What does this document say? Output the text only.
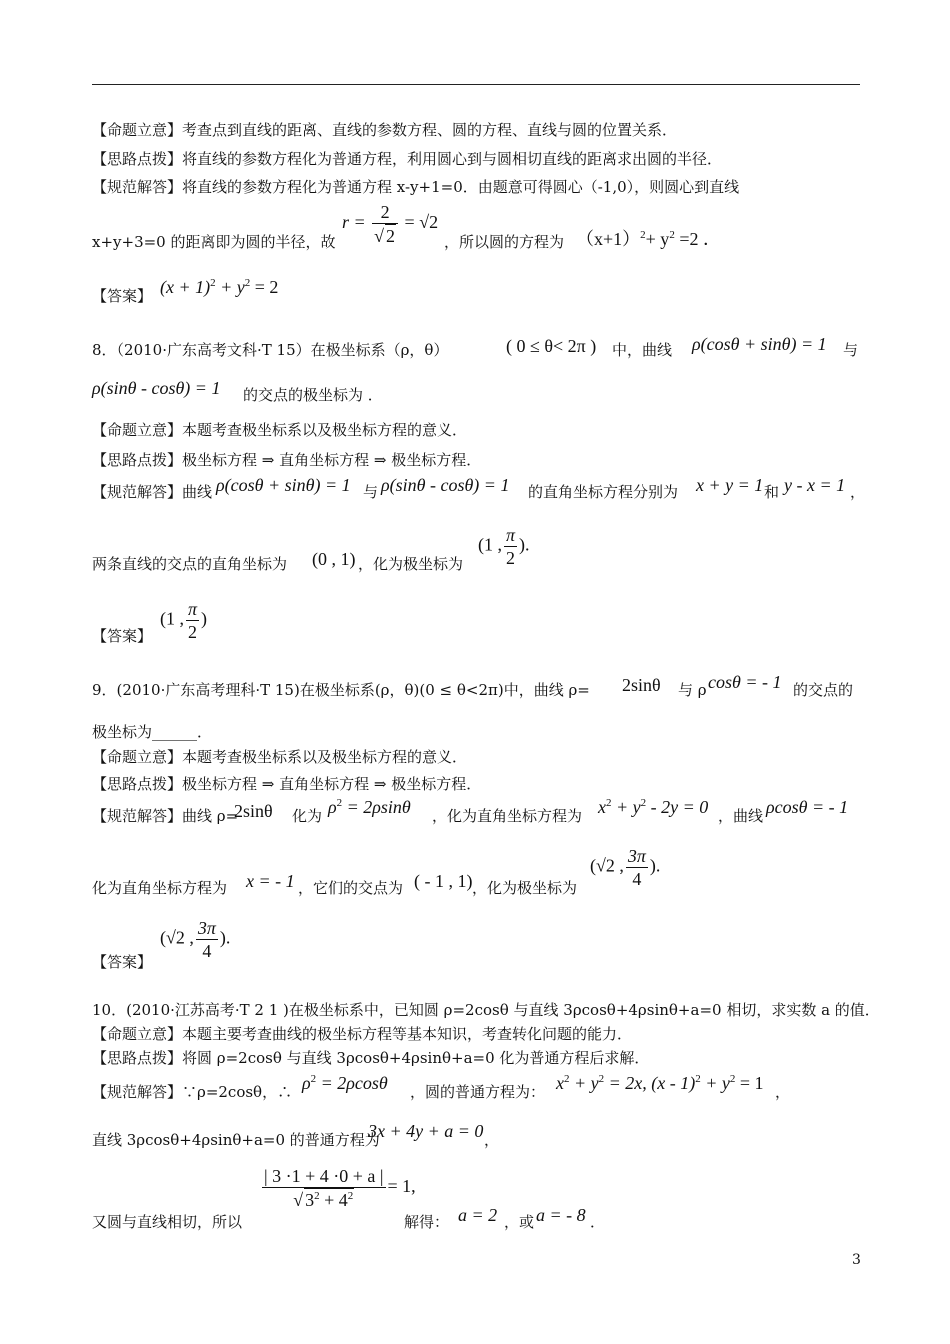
【命题立意】考查点到直线的距离、直线的参数方程、圆的方程、直线与圆的位置关系．
【思路点拨】将直线的参数方程化为普通方程，利用圆心到与圆相切直线的距离求出圆的半径．
【规范解答】将直线的参数方程化为普通方程 x-y+1=0．由题意可得圆心（-1,0），则圆心到直线
x+y+3=0 的距离即为圆的半径，故
$r = \frac{2}{√ 2} = √2$
，所以圆的方程为 $(x+1)^2+ y^2 =2$ ．
【答案】 $(x + 1)^2 + y^2 = 2$
8．（2010·广东高考文科·T 15）在极坐标系（ρ，θ）	( 0 ≤ θ< 2π ) 中，曲线 ρ(cosθ + sinθ) = 1 与
ρ(sinθ - cosθ) = 1 的交点的极坐标为 ．
【命题立意】本题考查极坐标系以及极坐标方程的意义．
【思路点拨】极坐标方程 ⇒ 直角坐标方程 ⇒ 极坐标方程．
【规范解答】曲线 ρ(cosθ + sinθ) = 1 与 ρ(sinθ - cosθ) = 1 的直角坐标方程分别为 x + y = 1 和 y - x = 1 ，
两条直线的交点的直角坐标为 (0 , 1) ，化为极坐标为
(1 , $\frac{\pi}{2}$ ).
【答案】
(1 , $\frac{\pi}{2}$ )
9．(2010·广东高考理科·T 15)在极坐标系(ρ，θ)(0 ≤ θ<2π)中，曲线 ρ= 2sinθ 与 ρ cosθ = - 1 的交点的
极坐标为______．
【命题立意】本题考查极坐标系以及极坐标方程的意义．
【思路点拨】极坐标方程 ⇒ 直角坐标方程 ⇒ 极坐标方程．
【规范解答】曲线 ρ=
2sinθ 化为 $\rho^2 = 2\rho\sin\theta$ ，化为直角坐标方程为 $x^2 + y^2 - 2y = 0$ ，曲线 ρcosθ = - 1
化为直角坐标方程为 x = - 1 ，它们的交点为 ( - 1 , 1) ，化为极坐标为
(√2 , $\frac{3\pi}{4}$ ).
【答案】
(√2 , $\frac{3\pi}{4}$ ).
10．(2010·江苏高考·T 2 1 )在极坐标系中，已知圆 ρ=2cosθ 与直线 3ρcosθ+4ρsinθ+a=0 相切，求实数 a 的值．
【命题立意】本题主要考查曲线的极坐标方程等基本知识，考查转化问题的能力．
【思路点拨】将圆 ρ=2cosθ 与直线 3ρcosθ+4ρsinθ+a=0 化为普通方程后求解．
【规范解答】∵ρ=2cosθ，∴ $\rho^2 = 2\rho\cos\theta$ ，圆的普通方程为： $x^2 + y^2 = 2x$, $(x - 1)^2 + y^2 = 1$ ，
直线 3ρcosθ+4ρsinθ+a=0 的普通方程为
3x + 4y + a = 0 ，
又圆与直线相切，所以
$\frac{| 3 \cdot 1 + 4 \cdot 0 + a |}{√ 3^2 + 4^2} = 1$,
解得： a = 2 ，或 a = - 8 ．
3
